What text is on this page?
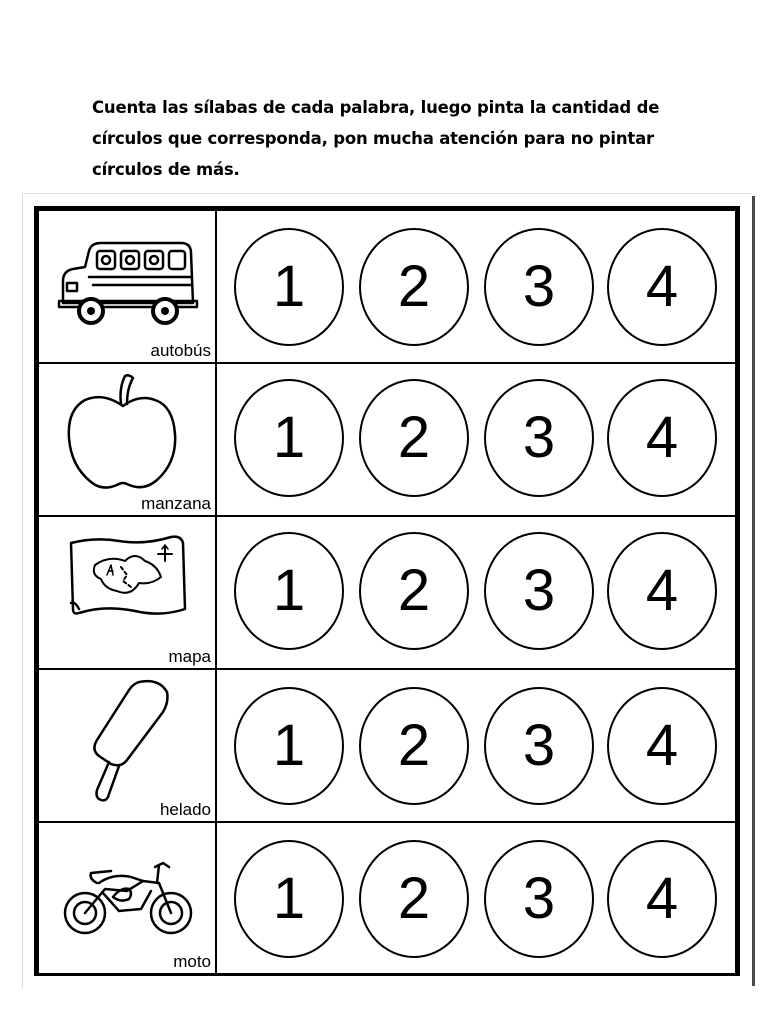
Cuenta las sílabas de cada palabra, luego pinta la cantidad de
círculos que corresponda, pon mucha atención para no pintar
círculos de más.
autobús
1	2	3	4
manzana
1	2	3	4
mapa
1	2	3	4
helado
1	2	3	4
moto
1	2	3	4
